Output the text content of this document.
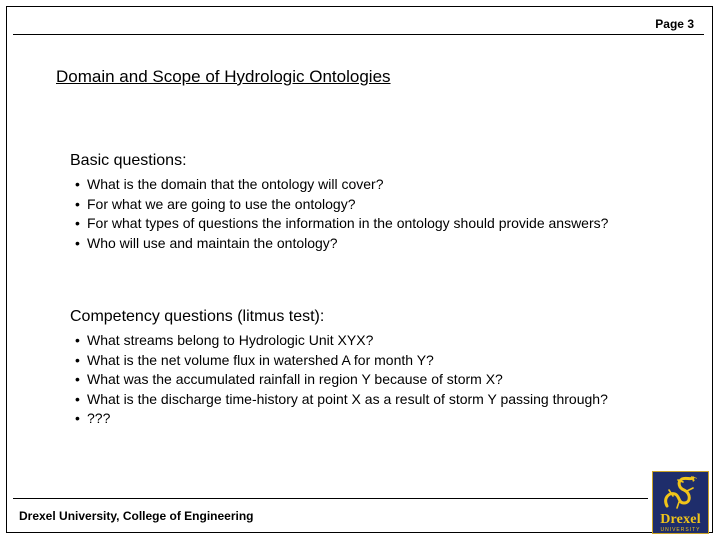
Page 3
Domain and Scope of Hydrologic Ontologies
Basic questions:
• What is the domain that the ontology will cover?
• For what we are going to use the ontology?
• For what types of questions the information in the ontology should provide answers?
• Who will use and maintain the ontology?
Competency questions (litmus test):
• What streams belong to Hydrologic Unit XYX?
• What is the net volume flux in watershed A for month Y?
• What was the accumulated rainfall in region Y because of storm X?
• What is the discharge time-history at point X as a result of storm Y passing through?
• ???
Drexel University, College of Engineering	Drexel
UNIVERSITY
